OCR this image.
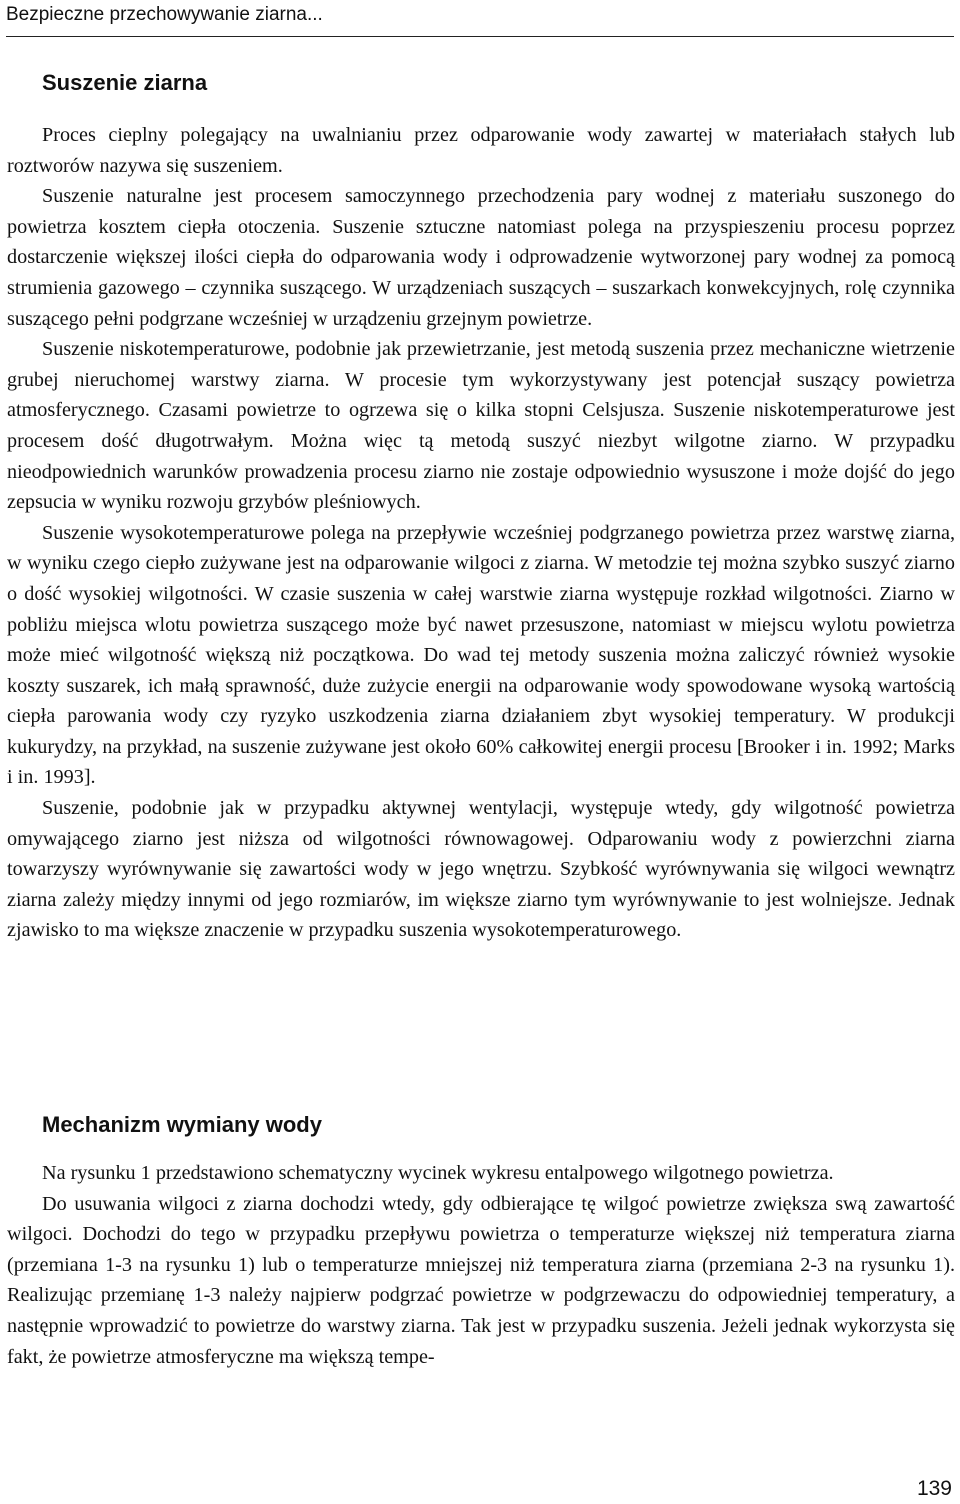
Bezpieczne przechowywanie ziarna...
Suszenie ziarna

Proces cieplny polegający na uwalnianiu przez odparowanie wody zawartej w materiałach stałych lub roztworów nazywa się suszeniem.

Suszenie naturalne jest procesem samoczynnego przechodzenia pary wodnej z materiału suszonego do powietrza kosztem ciepła otoczenia. Suszenie sztuczne natomiast polega na przyspieszeniu procesu poprzez dostarczenie większej ilości ciepła do odparowania wody i odprowadzenie wytworzonej pary wodnej za pomocą strumienia gazowego – czynnika suszącego. W urządzeniach suszących – suszarkach konwekcyjnych, rolę czynnika suszącego pełni podgrzane wcześniej w urządzeniu grzejnym powietrze.

Suszenie niskotemperaturowe, podobnie jak przewietrzanie, jest metodą suszenia przez mechaniczne wietrzenie grubej nieruchomej warstwy ziarna. W procesie tym wykorzystywany jest potencjał suszący powietrza atmosferycznego. Czasami powietrze to ogrzewa się o kilka stopni Celsjusza. Suszenie niskotemperaturowe jest procesem dość długotrwałym. Można więc tą metodą suszyć niezbyt wilgotne ziarno. W przypadku nieodpowiednich warunków prowadzenia procesu ziarno nie zostaje odpowiednio wysuszone i może dojść do jego zepsucia w wyniku rozwoju grzybów pleśniowych.

Suszenie wysokotemperaturowe polega na przepływie wcześniej podgrzanego powietrza przez warstwę ziarna, w wyniku czego ciepło zużywane jest na odparowanie wilgoci z ziarna. W metodzie tej można szybko suszyć ziarno o dość wysokiej wilgotności. W czasie suszenia w całej warstwie ziarna występuje rozkład wilgotności. Ziarno w pobliżu miejsca wlotu powietrza suszącego może być nawet przesuszone, natomiast w miejscu wylotu powietrza może mieć wilgotność większą niż początkowa. Do wad tej metody suszenia można zaliczyć również wysokie koszty suszarek, ich małą sprawność, duże zużycie energii na odparowanie wody spowodowane wysoką wartością ciepła parowania wody czy ryzyko uszkodzenia ziarna działaniem zbyt wysokiej temperatury. W produkcji kukurydzy, na przykład, na suszenie zużywane jest około 60% całkowitej energii procesu [Brooker i in. 1992; Marks i in. 1993].

Suszenie, podobnie jak w przypadku aktywnej wentylacji, występuje wtedy, gdy wilgotność powietrza omywającego ziarno jest niższa od wilgotności równowagowej. Odparowaniu wody z powierzchni ziarna towarzyszy wyrównywanie się zawartości wody w jego wnętrzu. Szybkość wyrównywania się wilgoci wewnątrz ziarna zależy między innymi od jego rozmiarów, im większe ziarno tym wyrównywanie to jest wolniejsze. Jednak zjawisko to ma większe znaczenie w przypadku suszenia wysokotemperaturowego.

Mechanizm wymiany wody

Na rysunku 1 przedstawiono schematyczny wycinek wykresu entalpowego wilgotnego powietrza.

Do usuwania wilgoci z ziarna dochodzi wtedy, gdy odbierające tę wilgoć powietrze zwiększa swą zawartość wilgoci. Dochodzi do tego w przypadku przepływu powietrza o temperaturze większej niż temperatura ziarna (przemiana 1-3 na rysunku 1) lub o temperaturze mniejszej niż temperatura ziarna (przemiana 2-3 na rysunku 1). Realizując przemianę 1-3 należy najpierw podgrzać powietrze w podgrzewaczu do odpowiedniej temperatury, a następnie wprowadzić to powietrze do warstwy ziarna. Tak jest w przypadku suszenia. Jeżeli jednak wykorzysta się fakt, że powietrze atmosferyczne ma większą tempe-

139
